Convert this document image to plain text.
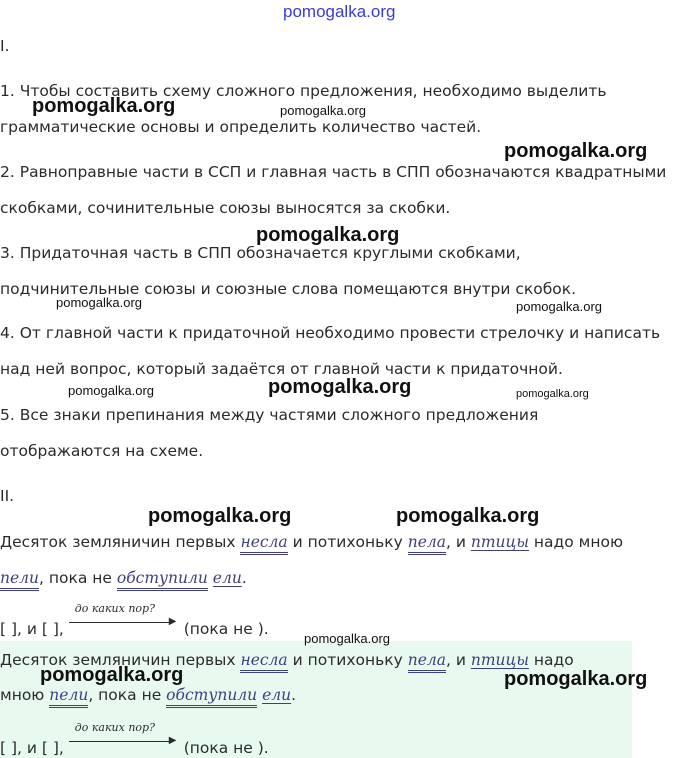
pomogalka.org
I.
1. Чтобы составить схему сложного предложения, необходимо выделить
грамматические основы и определить количество частей.
2. Равноправные части в ССП и главная часть в СПП обозначаются квадратными
скобками, сочинительные союзы выносятся за скобки.
3. Придаточная часть в СПП обозначается круглыми скобками,
подчинительные союзы и союзные слова помещаются внутри скобок.
4. От главной части к придаточной необходимо провести стрелочку и написать
над ней вопрос, который задаётся от главной части к придаточной.
5. Все знаки препинания между частями сложного предложения
отображаются на схеме.
II.
Десяток земляничин первых несла и потихоньку пела, и птицы надо мною
пели, пока не обступили ели.
[ ], и [ ],
до каких пор?
▶ (пока не ).
Десяток земляничин первых несла и потихоньку пела, и птицы надо
мною пели, пока не обступили ели.
[ ], и [ ],
до каких пор?
▶ (пока не ).
pomogalka.org	pomogalka.org
pomogalka.org
pomogalka.org
pomogalka.org	pomogalka.org
pomogalka.org	pomogalka.org	pomogalka.org
pomogalka.org	pomogalka.org
pomogalka.org
pomogalka.org	pomogalka.org
